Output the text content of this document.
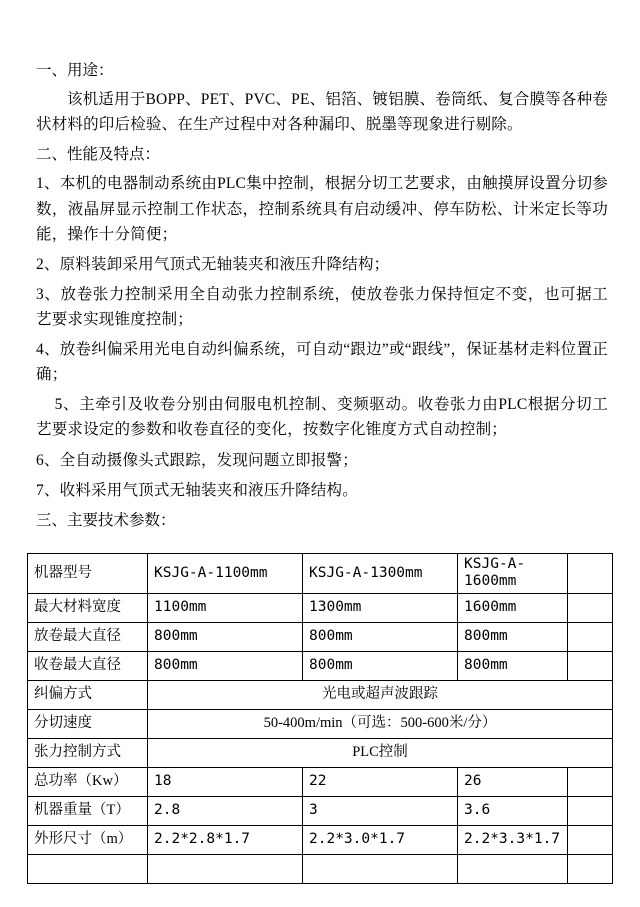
一、用途：

该机适用于BOPP、PET、PVC、PE、铝箔、镀铝膜、卷筒纸、复合膜等各种卷状材料的印后检验、在生产过程中对各种漏印、脱墨等现象进行剔除。

二、性能及特点：

1、本机的电器制动系统由PLC集中控制，根据分切工艺要求，由触摸屏设置分切参数，液晶屏显示控制工作状态，控制系统具有启动缓冲、停车防松、计米定长等功能，操作十分简便；

2、原料装卸采用气顶式无轴装夹和液压升降结构；

3、放卷张力控制采用全自动张力控制系统，使放卷张力保持恒定不变，也可据工艺要求实现锥度控制；

4、放卷纠偏采用光电自动纠偏系统，可自动“跟边”或“跟线”，保证基材走料位置正确；

5、主牵引及收卷分别由伺服电机控制、变频驱动。收卷张力由PLC根据分切工艺要求设定的参数和收卷直径的变化，按数字化锥度方式自动控制；

6、全自动摄像头式跟踪，发现问题立即报警；

7、收料采用气顶式无轴装夹和液压升降结构。

三、主要技术参数：

机器型号	KSJG-A-1100mm	KSJG-A-1300mm	KSJG-A-1600mm	
最大材料宽度	1100mm	1300mm	1600mm	
放卷最大直径	800mm	800mm	800mm	
收卷最大直径	800mm	800mm	800mm	
纠偏方式	光电或超声波跟踪			
分切速度	50-400m/min（可选：500-600米/分）			
张力控制方式	PLC控制			
总功率（Kw）	18	22	26	
机器重量（T）	2.8	3	3.6	
外形尺寸（m）	2.2*2.8*1.7	2.2*3.0*1.7	2.2*3.3*1.7	
